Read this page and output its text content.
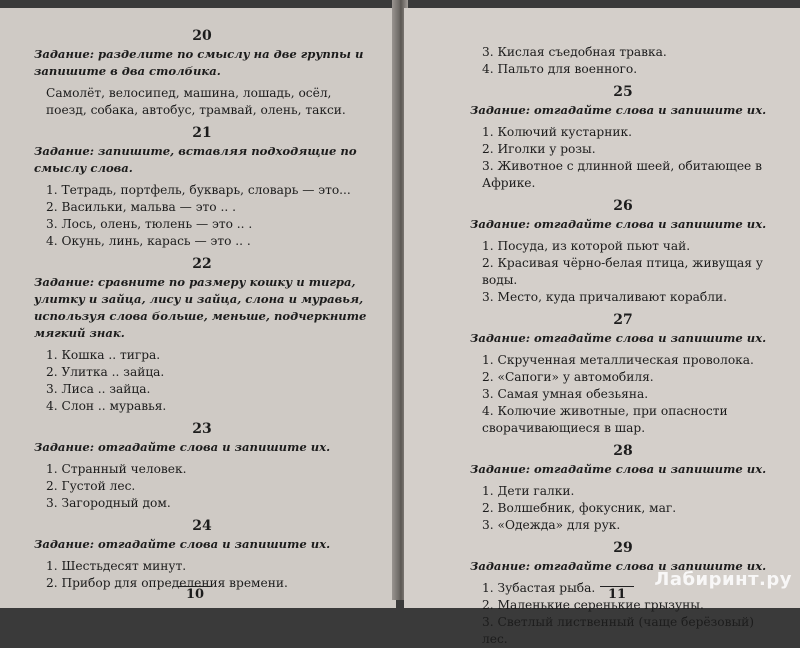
20
Задание: разделите по смыслу на две группы и запишите в два столбика.
Самолёт, велосипед, машина, лошадь, осёл, поезд, собака, автобус, трамвай, олень, такси.
21
Задание: запишите, вставляя подходящие по смыслу слова.
1. Тетрадь, портфель, букварь, словарь — это...
2. Васильки, мальва — это .. .
3. Лось, олень, тюлень — это .. .
4. Окунь, линь, карась — это .. .
22
Задание: сравните по размеру кошку и тигра, улитку и зайца, лису и зайца, слона и муравья, используя слова больше, меньше, подчеркните мягкий знак.
1. Кошка .. тигра.
2. Улитка .. зайца.
3. Лиса .. зайца.
4. Слон .. муравья.
23
Задание: отгадайте слова и запишите их.
1. Странный человек.
2. Густой лес.
3. Загородный дом.
24
Задание: отгадайте слова и запишите их.
1. Шестьдесят минут.
2. Прибор для определения времени.
10
3. Кислая съедобная травка.
4. Пальто для военного.
25
Задание: отгадайте слова и запишите их.
1. Колючий кустарник.
2. Иголки у розы.
3. Животное с длинной шеей, обитающее в Африке.
26
Задание: отгадайте слова и запишите их.
1. Посуда, из которой пьют чай.
2. Красивая чёрно-белая птица, живущая у воды.
3. Место, куда причаливают корабли.
27
Задание: отгадайте слова и запишите их.
1. Скрученная металлическая проволока.
2. «Сапоги» у автомобиля.
3. Самая умная обезьяна.
4. Колючие животные, при опасности сворачивающиеся в шар.
28
Задание: отгадайте слова и запишите их.
1. Дети галки.
2. Волшебник, фокусник, маг.
3. «Одежда» для рук.
29
Задание: отгадайте слова и запишите их.
1. Зубастая рыба.
2. Маленькие серенькие грызуны.
3. Светлый лиственный (чаще берёзовый) лес.
11
Лабиринт.ру
